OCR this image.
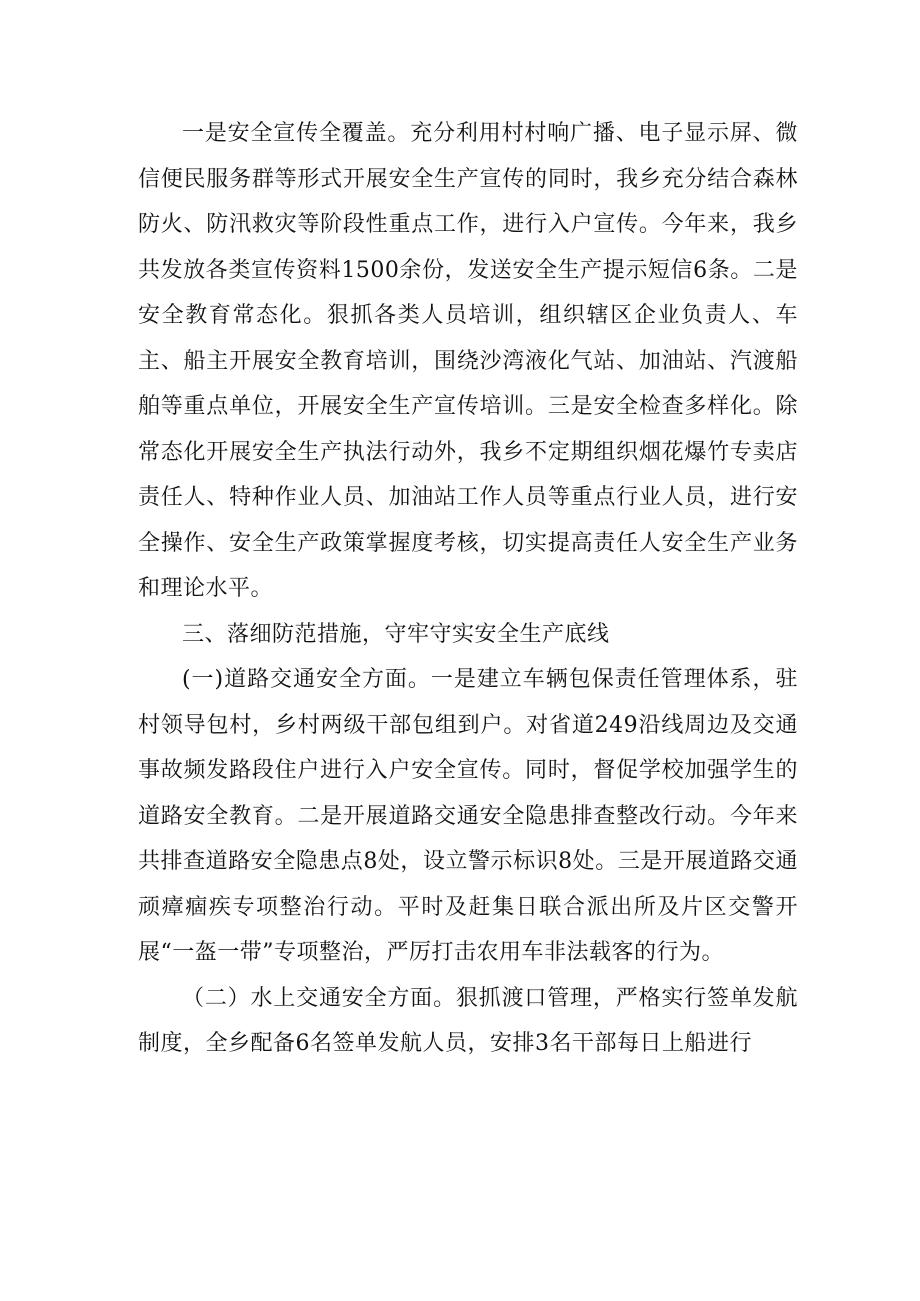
一是安全宣传全覆盖。充分利用村村响广播、电子显示屏、微信便民服务群等形式开展安全生产宣传的同时，我乡充分结合森林防火、防汛救灾等阶段性重点工作，进行入户宣传。今年来，我乡共发放各类宣传资料1500余份，发送安全生产提示短信6条。二是安全教育常态化。狠抓各类人员培训，组织辖区企业负责人、车主、船主开展安全教育培训，围绕沙湾液化气站、加油站、汽渡船舶等重点单位，开展安全生产宣传培训。三是安全检查多样化。除常态化开展安全生产执法行动外，我乡不定期组织烟花爆竹专卖店责任人、特种作业人员、加油站工作人员等重点行业人员，进行安全操作、安全生产政策掌握度考核，切实提高责任人安全生产业务和理论水平。

三、落细防范措施，守牢守实安全生产底线

(一)道路交通安全方面。一是建立车辆包保责任管理体系，驻村领导包村，乡村两级干部包组到户。对省道249沿线周边及交通事故频发路段住户进行入户安全宣传。同时，督促学校加强学生的道路安全教育。二是开展道路交通安全隐患排查整改行动。今年来共排查道路安全隐患点8处，设立警示标识8处。三是开展道路交通顽瘴痼疾专项整治行动。平时及赶集日联合派出所及片区交警开展“一盔一带”专项整治，严厉打击农用车非法载客的行为。

（二）水上交通安全方面。狠抓渡口管理，严格实行签单发航制度，全乡配备6名签单发航人员，安排3名干部每日上船进行
